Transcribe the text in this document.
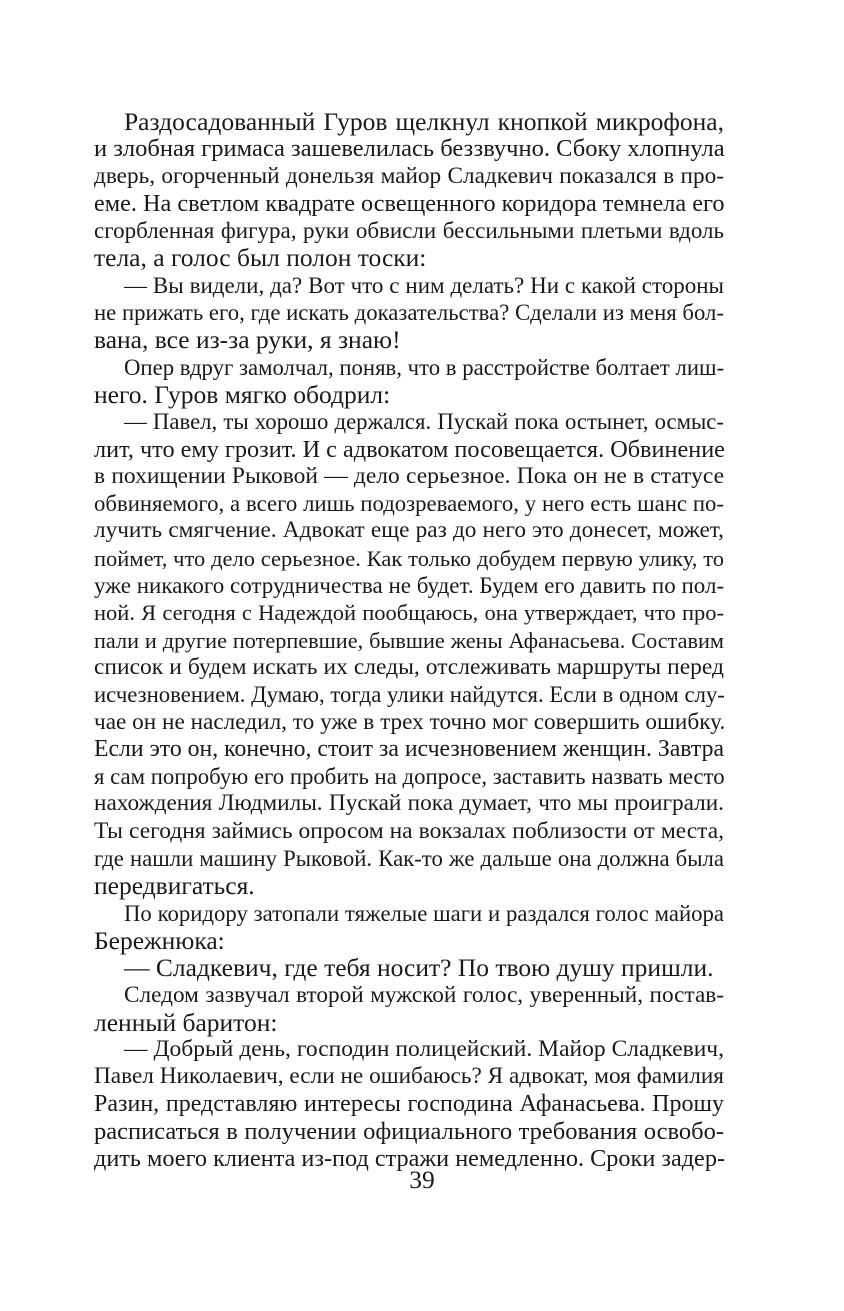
Раздосадованный Гуров щелкнул кнопкой микрофона,
и злобная гримаса зашевелилась беззвучно. Сбоку хлопнула
дверь, огорченный донельзя майор Сладкевич показался в про-
еме. На светлом квадрате освещенного коридора темнела его
сгорбленная фигура, руки обвисли бессильными плетьми вдоль
тела, а голос был полон тоски:
— Вы видели, да? Вот что с ним делать? Ни с какой стороны
не прижать его, где искать доказательства? Сделали из меня бол-
вана, все из-за руки, я знаю!
Опер вдруг замолчал, поняв, что в расстройстве болтает лиш-
него. Гуров мягко ободрил:
— Павел, ты хорошо держался. Пускай пока остынет, осмыс-
лит, что ему грозит. И с адвокатом посовещается. Обвинение
в похищении Рыковой — дело серьезное. Пока он не в статусе
обвиняемого, а всего лишь подозреваемого, у него есть шанс по-
лучить смягчение. Адвокат еще раз до него это донесет, может,
поймет, что дело серьезное. Как только добудем первую улику, то
уже никакого сотрудничества не будет. Будем его давить по пол-
ной. Я сегодня с Надеждой пообщаюсь, она утверждает, что про-
пали и другие потерпевшие, бывшие жены Афанасьева. Составим
список и будем искать их следы, отслеживать маршруты перед
исчезновением. Думаю, тогда улики найдутся. Если в одном слу-
чае он не наследил, то уже в трех точно мог совершить ошибку.
Если это он, конечно, стоит за исчезновением женщин. Завтра
я сам попробую его пробить на допросе, заставить назвать место
нахождения Людмилы. Пускай пока думает, что мы проиграли.
Ты сегодня займись опросом на вокзалах поблизости от места,
где нашли машину Рыковой. Как-то же дальше она должна была
передвигаться.
По коридору затопали тяжелые шаги и раздался голос майора
Бережнюка:
— Сладкевич, где тебя носит? По твою душу пришли.
Следом зазвучал второй мужской голос, уверенный, постав-
ленный баритон:
— Добрый день, господин полицейский. Майор Сладкевич,
Павел Николаевич, если не ошибаюсь? Я адвокат, моя фамилия
Разин, представляю интересы господина Афанасьева. Прошу
расписаться в получении официального требования освобо-
дить моего клиента из-под стражи немедленно. Сроки задер-
39
